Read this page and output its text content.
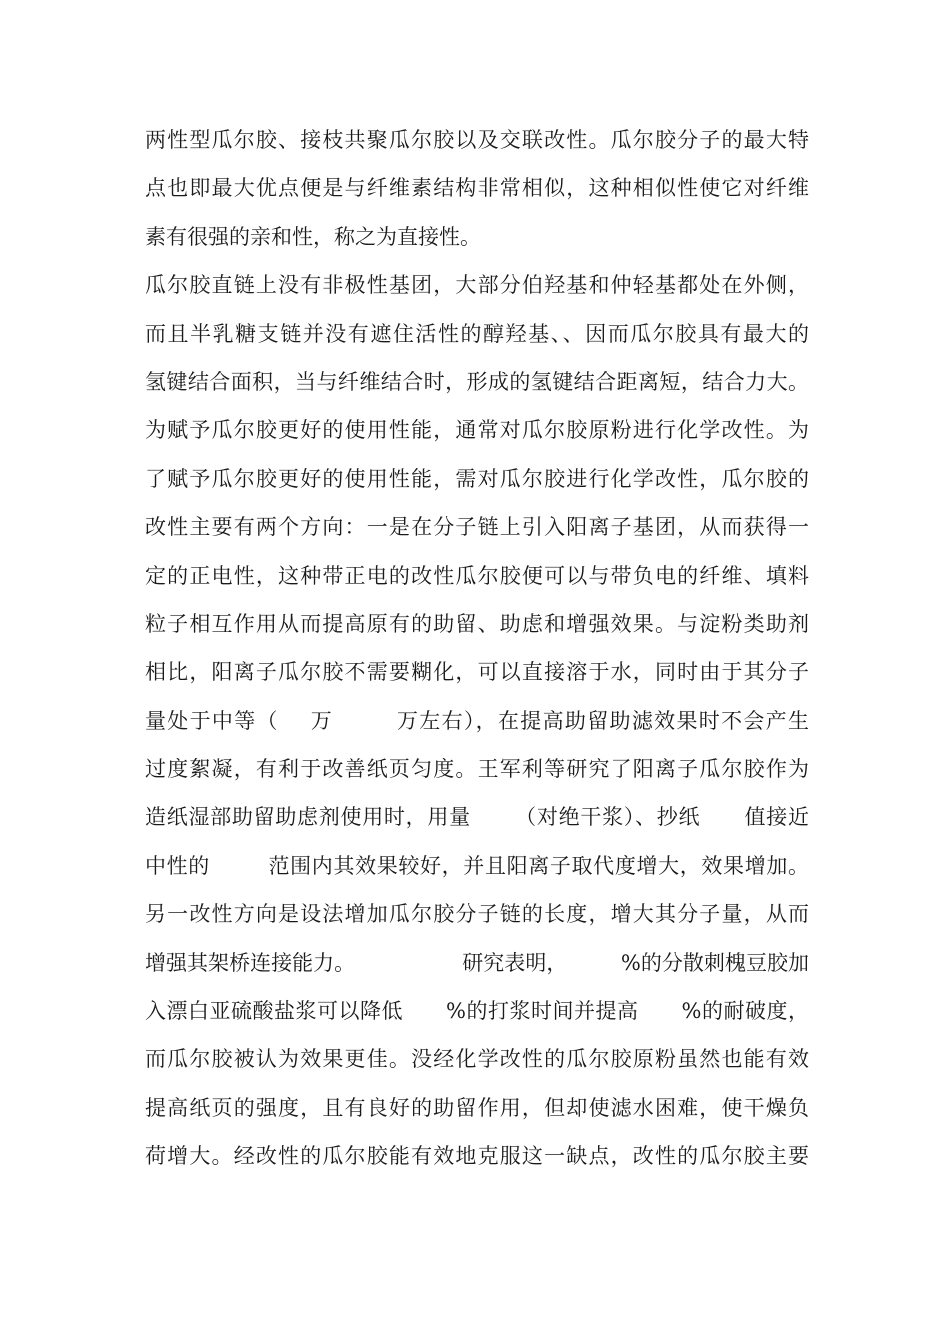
两性型瓜尔胶、接枝共聚瓜尔胶以及交联改性。瓜尔胶分子的最大特
点也即最大优点便是与纤维素结构非常相似，这种相似性使它对纤维
素有很强的亲和性，称之为直接性。
瓜尔胶直链上没有非极性基团，大部分伯羟基和仲轻基都处在外侧，
而且半乳糖支链并没有遮住活性的醇羟基、、因而瓜尔胶具有最大的
氢键结合面积，当与纤维结合时，形成的氢键结合距离短，结合力大。
为赋予瓜尔胶更好的使用性能，通常对瓜尔胶原粉进行化学改性。为
了赋予瓜尔胶更好的使用性能，需对瓜尔胶进行化学改性，瓜尔胶的
改性主要有两个方向：一是在分子链上引入阳离子基团，从而获得一
定的正电性，这种带正电的改性瓜尔胶便可以与带负电的纤维、填料
粒子相互作用从而提高原有的助留、助虑和增强效果。与淀粉类助剂
相比，阳离子瓜尔胶不需要糊化，可以直接溶于水，同时由于其分子
量处于中等（    万        万左右），在提高助留助滤效果时不会产生
过度絮凝，有利于改善纸页匀度。王军利等研究了阳离子瓜尔胶作为
造纸湿部助留助虑剂使用时，用量      （对绝干浆）、抄纸      值接近
中性的        范围内其效果较好，并且阳离子取代度增大，效果增加。
另一改性方向是设法增加瓜尔胶分子链的长度，增大其分子量，从而
增强其架桥连接能力。                研究表明，        %的分散刺槐豆胶加
入漂白亚硫酸盐浆可以降低      %的打浆时间并提高      %的耐破度，
而瓜尔胶被认为效果更佳。没经化学改性的瓜尔胶原粉虽然也能有效
提高纸页的强度，且有良好的助留作用，但却使滤水困难，使干燥负
荷增大。经改性的瓜尔胶能有效地克服这一缺点，改性的瓜尔胶主要
